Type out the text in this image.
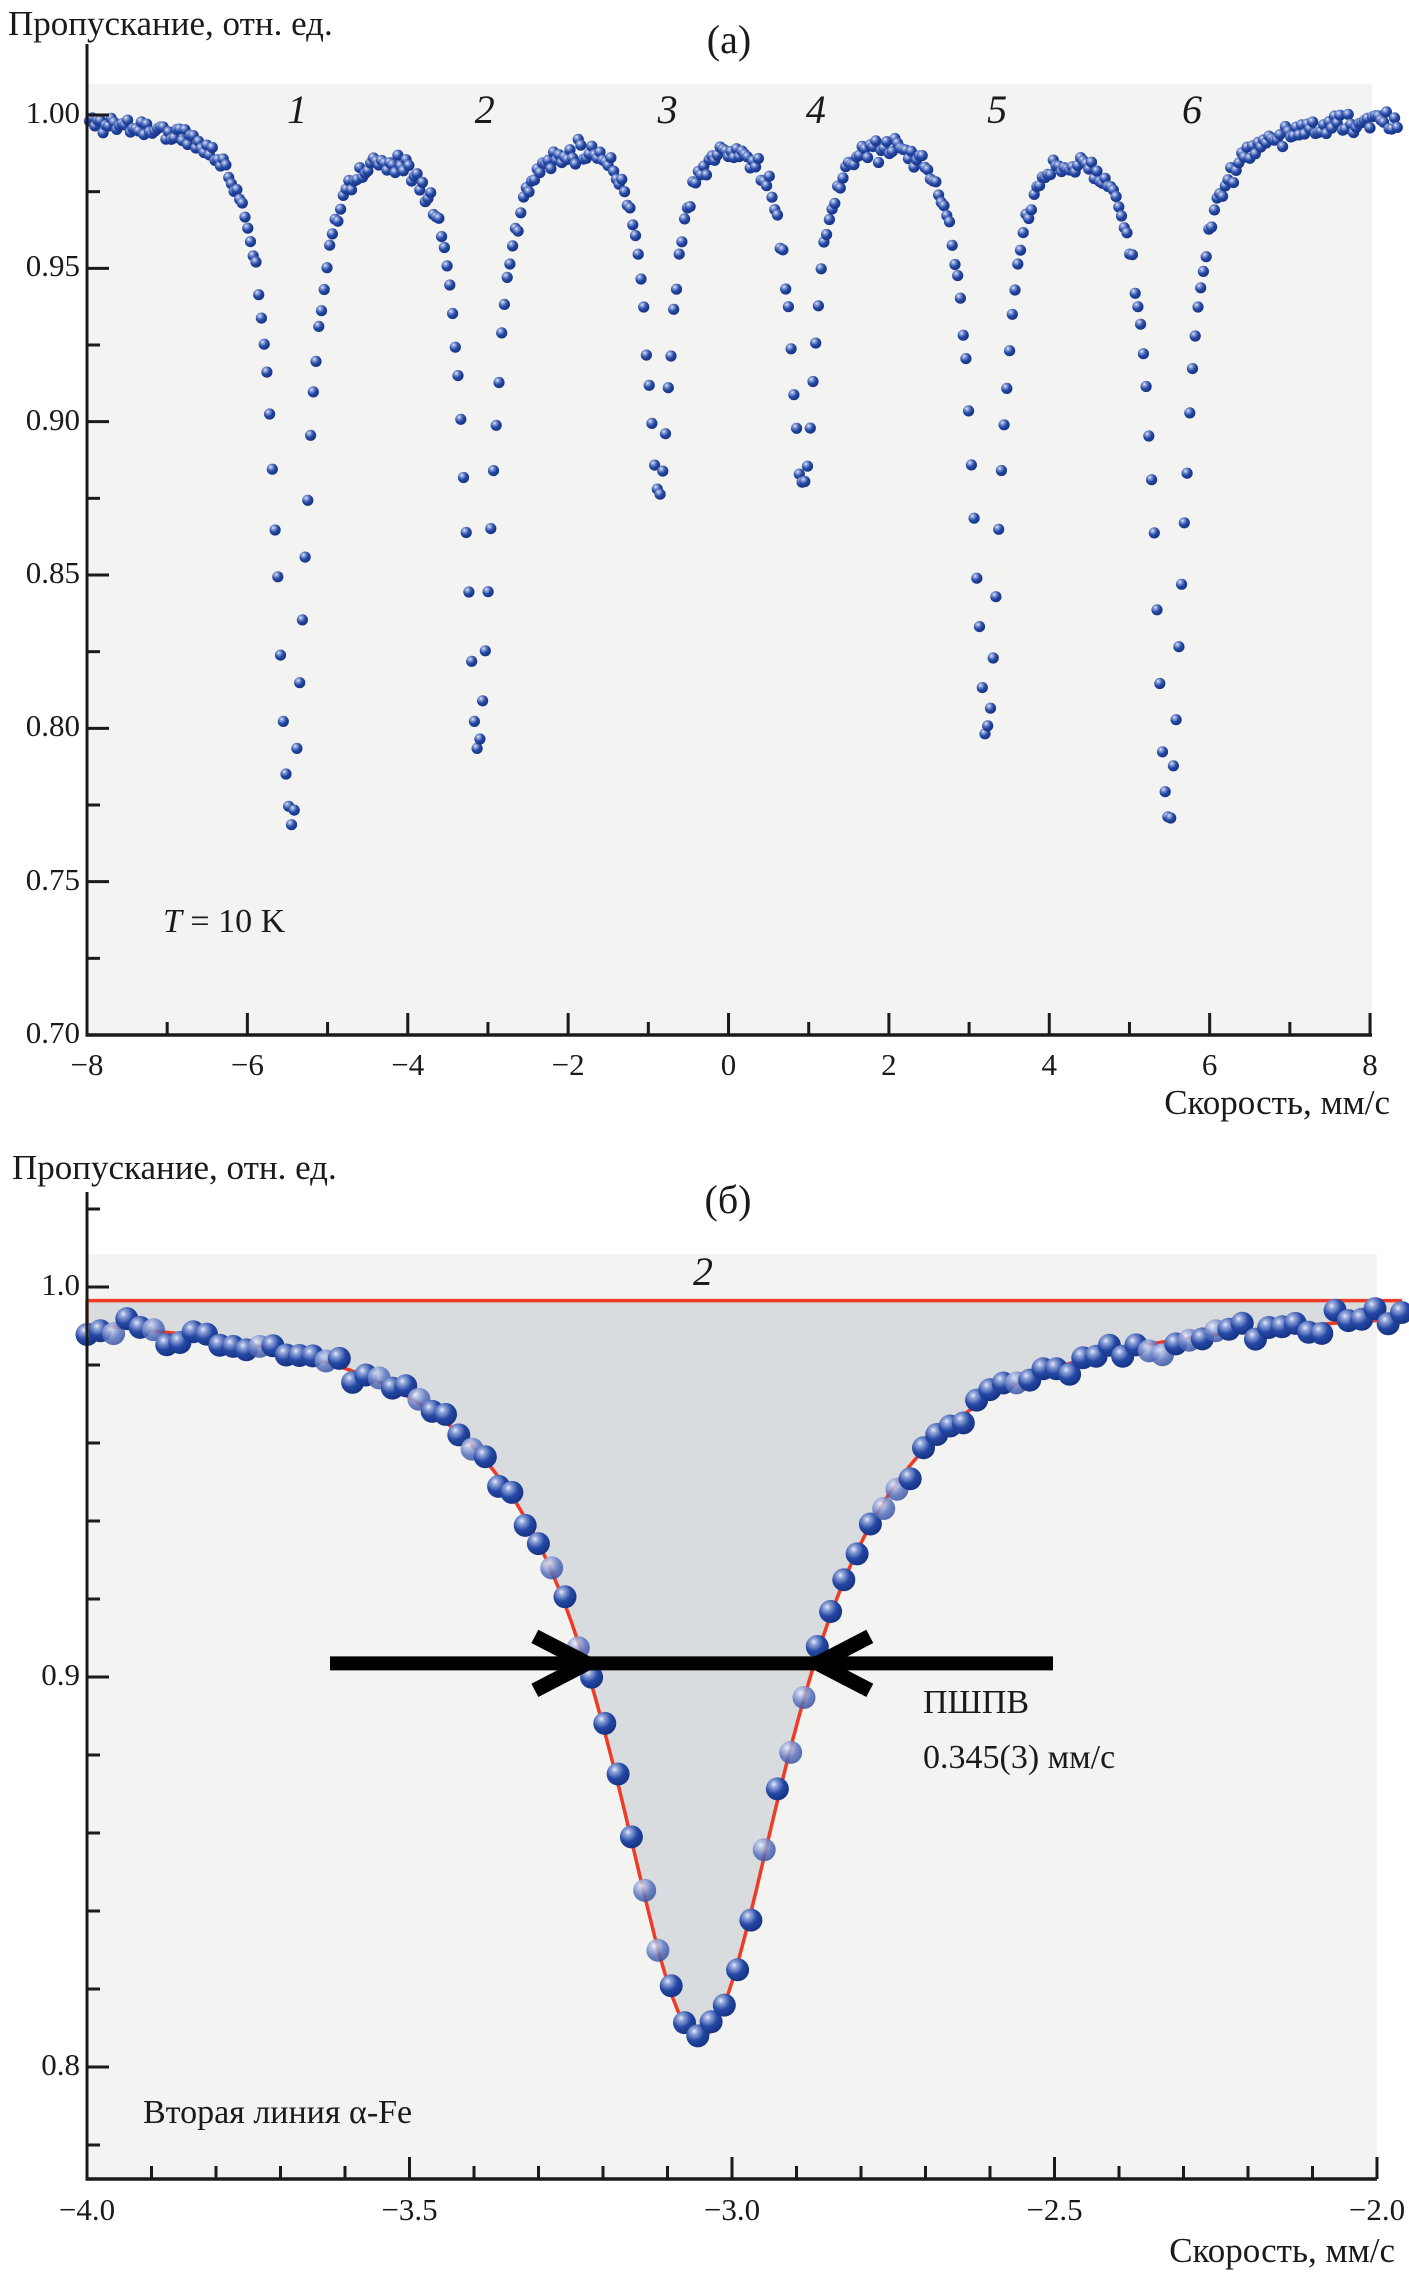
Пропускание, отн. ед.	(а)
T = 10 K
Скорость, мм/с
Пропускание, отн. ед.
(б)
ПШПВ
0.345(3) мм/с
Вторая линия α-Fe
Скорость, мм/с
−8	−6	−4	−2	0	2	4	6	8
1.00
0.95
0.90
0.85
0.80
0.75
0.70
1	2	3	4	5	6
−4.0	−3.5	−3.0	−2.5	−2.0
1.0
0.9
0.8
2
